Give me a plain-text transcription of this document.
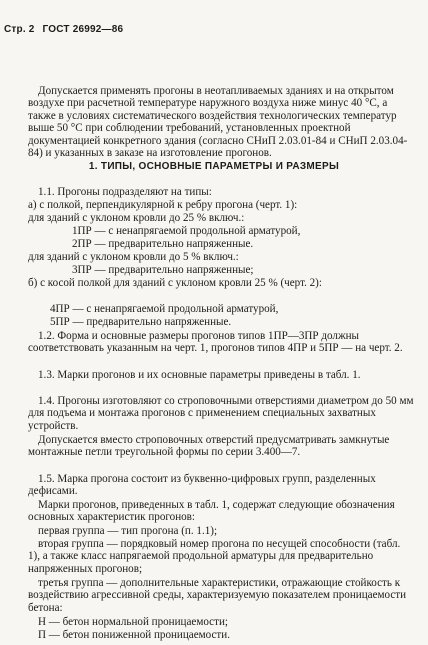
Стр. 2 ГОСТ 26992—86

Допускается применять прогоны в неотапливаемых зданиях и на открытом воздухе при расчетной температуре наружного воздуха ниже минус 40 °С, а также в условиях систематического воздействия технологических температур выше 50 °С при соблюдении требований, установленных проектной документацией конкретного здания (согласно СНиП 2.03.01-84 и СНиП 2.03.04-84) и указанных в заказе на изготовление прогонов.

1. ТИПЫ, ОСНОВНЫЕ ПАРАМЕТРЫ И РАЗМЕРЫ

1.1. Прогоны подразделяют на типы:

а) с полкой, перпендикулярной к ребру прогона (черт. 1):

для зданий с уклоном кровли до 25 % включ.:

1ПР — с ненапрягаемой продольной арматурой,

2ПР — предварительно напряженные.

для зданий с уклоном кровли до 5 % включ.:

3ПР — предварительно напряженные;

б) с косой полкой для зданий с уклоном кровли 25 % (черт. 2):

4ПР — с ненапрягаемой продольной арматурой,

5ПР — предварительно напряженные.

1.2. Форма и основные размеры прогонов типов 1ПР—3ПР должны соответствовать указанным на черт. 1, прогонов типов 4ПР и 5ПР — на черт. 2.

1.3. Марки прогонов и их основные параметры приведены в табл. 1.

1.4. Прогоны изготовляют со строповочными отверстиями диаметром до 50 мм для подъема и монтажа прогонов с применением специальных захватных устройств.

Допускается вместо строповочных отверстий предусматривать замкнутые монтажные петли треугольной формы по серии 3.400—7.

1.5. Марка прогона состоит из буквенно-цифровых групп, разделенных дефисами.

Марки прогонов, приведенных в табл. 1, содержат следующие обозначения основных характеристик прогонов:

первая группа — тип прогона (п. 1.1);

вторая группа — порядковый номер прогона по несущей способности (табл. 1), а также класс напрягаемой продольной арматуры для предварительно напряженных прогонов;

третья группа — дополнительные характеристики, отражающие стойкость к воздействию агрессивной среды, характеризуемую показателем проницаемости бетона:

Н — бетон нормальной проницаемости;

П — бетон пониженной проницаемости.
